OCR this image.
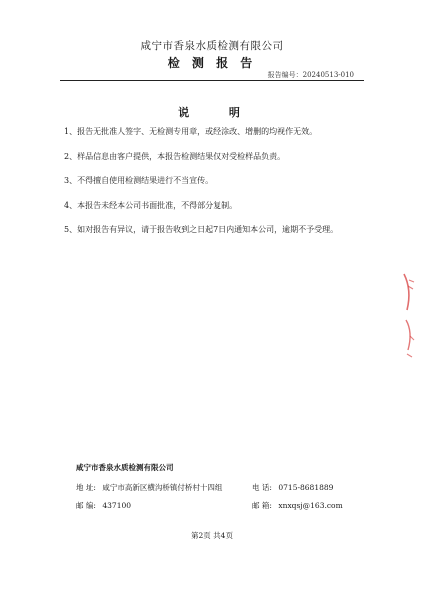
咸宁市香泉水质检测有限公司
检 测 报 告
报告编号：20240513-010
说 明
1、报告无批准人签字、无检测专用章，或经涂改、增删的均视作无效。
2、样品信息由客户提供，本报告检测结果仅对受检样品负责。
3、不得擅自使用检测结果进行不当宣传。
4、本报告未经本公司书面批准，不得部分复制。
5、如对报告有异议，请于报告收到之日起7日内通知本公司，逾期不予受理。
咸宁市香泉水质检测有限公司
地 址: 咸宁市高新区横沟桥镇付桥村十四组	电 话: 0715-8681889
邮 编: 437100	邮 箱: xnxqsj@163.com
第2页 共4页
